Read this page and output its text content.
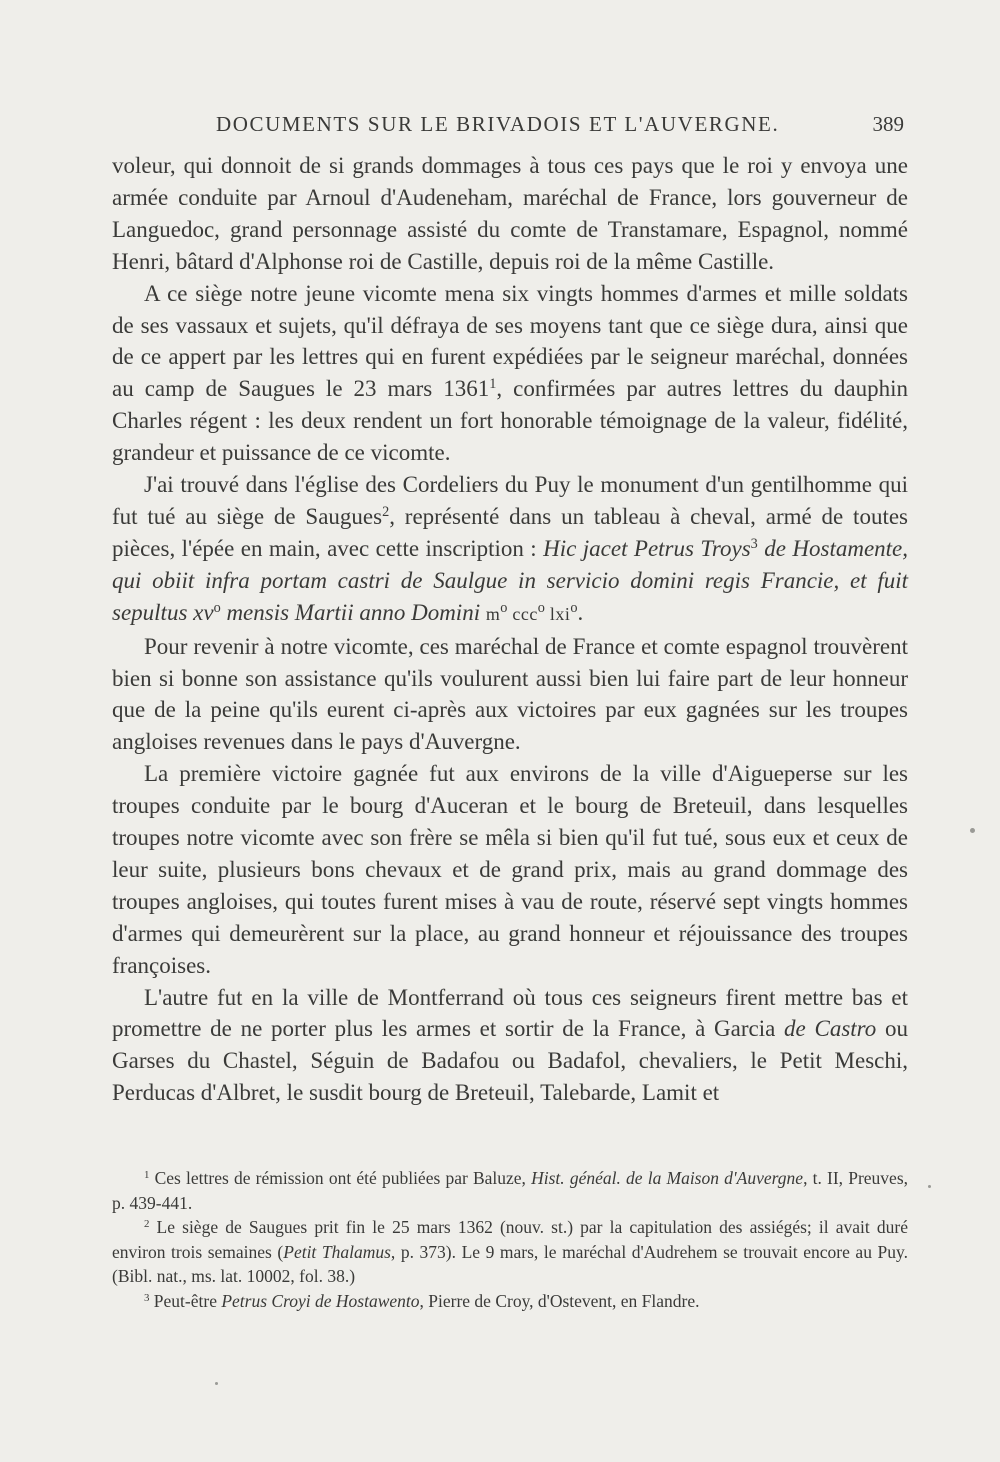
DOCUMENTS SUR LE BRIVADOIS ET L'AUVERGNE.	389

voleur, qui donnoit de si grands dommages à tous ces pays que le roi y envoya une armée conduite par Arnoul d'Audeneham, maréchal de France, lors gouverneur de Languedoc, grand personnage assisté du comte de Transtamare, Espagnol, nommé Henri, bâtard d'Alphonse roi de Castille, depuis roi de la même Castille.

A ce siège notre jeune vicomte mena six vingts hommes d'armes et mille soldats de ses vassaux et sujets, qu'il défraya de ses moyens tant que ce siège dura, ainsi que de ce appert par les lettres qui en furent expédiées par le seigneur maréchal, données au camp de Saugues le 23 mars 1361$^1$, confirmées par autres lettres du dauphin Charles régent : les deux rendent un fort honorable témoignage de la valeur, fidélité, grandeur et puissance de ce vicomte.

J'ai trouvé dans l'église des Cordeliers du Puy le monument d'un gentilhomme qui fut tué au siège de Saugues$^2$, représenté dans un tableau à cheval, armé de toutes pièces, l'épée en main, avec cette inscription : Hic jacet Petrus Troys$^3$ de Hostamente, qui obiit infra portam castri de Saulgue in servicio domini regis Francie, et fuit sepultus $xv^o$ mensis Martii anno Domini $m^o$ ccc$^o$ lxi$^o$.

Pour revenir à notre vicomte, ces maréchal de France et comte espagnol trouvèrent bien si bonne son assistance qu'ils voulurent aussi bien lui faire part de leur honneur que de la peine qu'ils eurent ci-après aux victoires par eux gagnées sur les troupes angloises revenues dans le pays d'Auvergne.

La première victoire gagnée fut aux environs de la ville d'Aigueperse sur les troupes conduite par le bourg d'Auceran et le bourg de Breteuil, dans lesquelles troupes notre vicomte avec son frère se mêla si bien qu'il fut tué, sous eux et ceux de leur suite, plusieurs bons chevaux et de grand prix, mais au grand dommage des troupes angloises, qui toutes furent mises à vau de route, réservé sept vingts hommes d'armes qui demeurèrent sur la place, au grand honneur et réjouissance des troupes françoises.

L'autre fut en la ville de Montferrand où tous ces seigneurs firent mettre bas et promettre de ne porter plus les armes et sortir de la France, à Garcia de Castro ou Garses du Chastel, Séguin de Badafou ou Badafol, chevaliers, le Petit Meschi, Perducas d'Albret, le susdit bourg de Breteuil, Talebarde, Lamit et

$^1$ Ces lettres de rémission ont été publiées par Baluze, Hist. généal. de la Maison d'Auvergne, t. II, Preuves, p. 439-441.

$^2$ Le siège de Saugues prit fin le 25 mars 1362 (nouv. st.) par la capitulation des assiégés; il avait duré environ trois semaines (Petit Thalamus, p. 373). Le 9 mars, le maréchal d'Audrehem se trouvait encore au Puy. (Bibl. nat., ms. lat. 10002, fol. 38.)

$^3$ Peut-être Petrus Croyi de Hostawento, Pierre de Croy, d'Ostevent, en Flandre.
